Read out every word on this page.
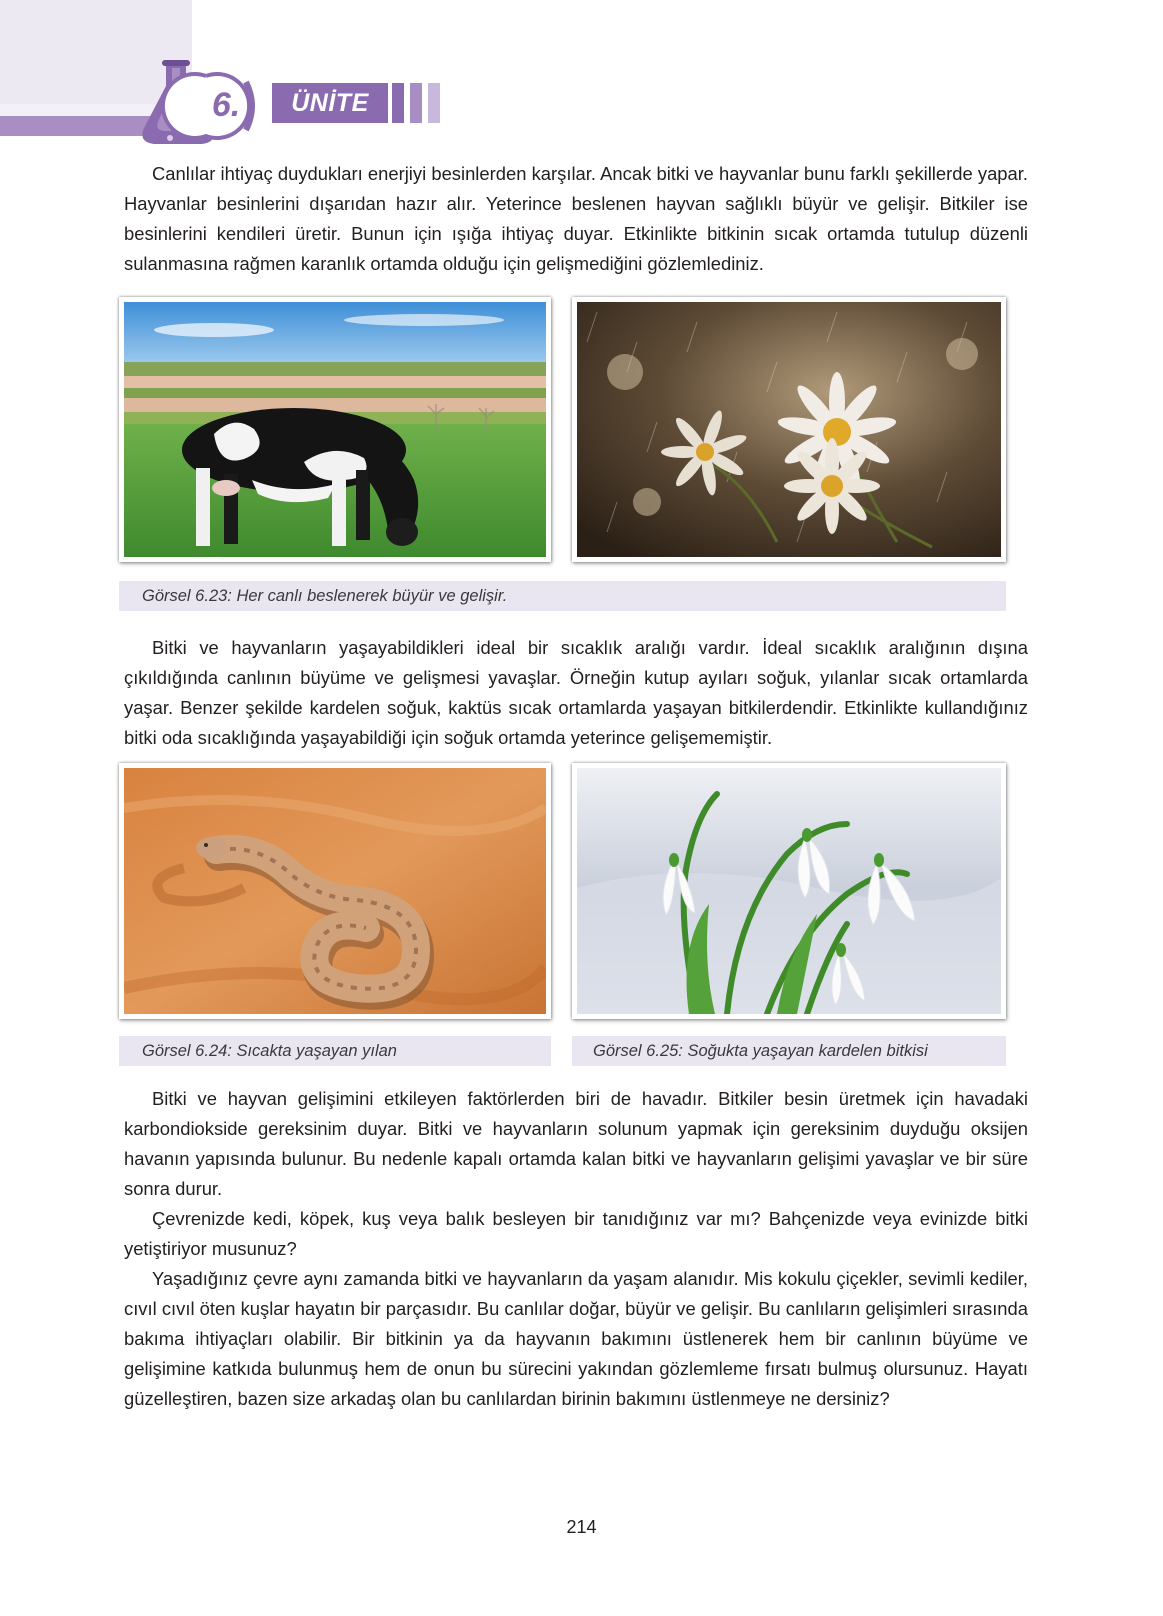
6.	ÜNİTE

Canlılar ihtiyaç duydukları enerjiyi besinlerden karşılar. Ancak bitki ve hayvanlar bunu farklı şekillerde yapar. Hayvanlar besinlerini dışarıdan hazır alır. Yeterince beslenen hayvan sağlıklı büyür ve gelişir. Bitkiler ise besinlerini kendileri üretir. Bunun için ışığa ihtiyaç duyar. Etkinlikte bitkinin sıcak ortamda tutulup düzenli sulanmasına rağmen karanlık ortamda olduğu için gelişmediğini gözlemlediniz.

Görsel 6.23: Her canlı beslenerek büyür ve gelişir.

Bitki ve hayvanların yaşayabildikleri ideal bir sıcaklık aralığı vardır. İdeal sıcaklık aralığının dışına çıkıldığında canlının büyüme ve gelişmesi yavaşlar. Örneğin kutup ayıları soğuk, yılanlar sıcak ortamlarda yaşar. Benzer şekilde kardelen soğuk, kaktüs sıcak ortamlarda yaşayan bitkilerdendir. Etkinlikte kullandığınız bitki oda sıcaklığında yaşayabildiği için soğuk ortamda yeterince gelişememiştir.

Görsel 6.24: Sıcakta yaşayan yılan	Görsel 6.25: Soğukta yaşayan kardelen bitkisi

Bitki ve hayvan gelişimini etkileyen faktörlerden biri de havadır. Bitkiler besin üretmek için havadaki karbondiokside gereksinim duyar. Bitki ve hayvanların solunum yapmak için gereksinim duyduğu oksijen havanın yapısında bulunur. Bu nedenle kapalı ortamda kalan bitki ve hayvanların gelişimi yavaşlar ve bir süre sonra durur.

Çevrenizde kedi, köpek, kuş veya balık besleyen bir tanıdığınız var mı? Bahçenizde veya evinizde bitki yetiştiriyor musunuz?

Yaşadığınız çevre aynı zamanda bitki ve hayvanların da yaşam alanıdır. Mis kokulu çiçekler, sevimli kediler, cıvıl cıvıl öten kuşlar hayatın bir parçasıdır. Bu canlılar doğar, büyür ve gelişir. Bu canlıların gelişimleri sırasında bakıma ihtiyaçları olabilir. Bir bitkinin ya da hayvanın bakımını üstlenerek hem bir canlının büyüme ve gelişimine katkıda bulunmuş hem de onun bu sürecini yakından gözlemleme fırsatı bulmuş olursunuz. Hayatı güzelleştiren, bazen size arkadaş olan bu canlılardan birinin bakımını üstlenmeye ne dersiniz?

214
